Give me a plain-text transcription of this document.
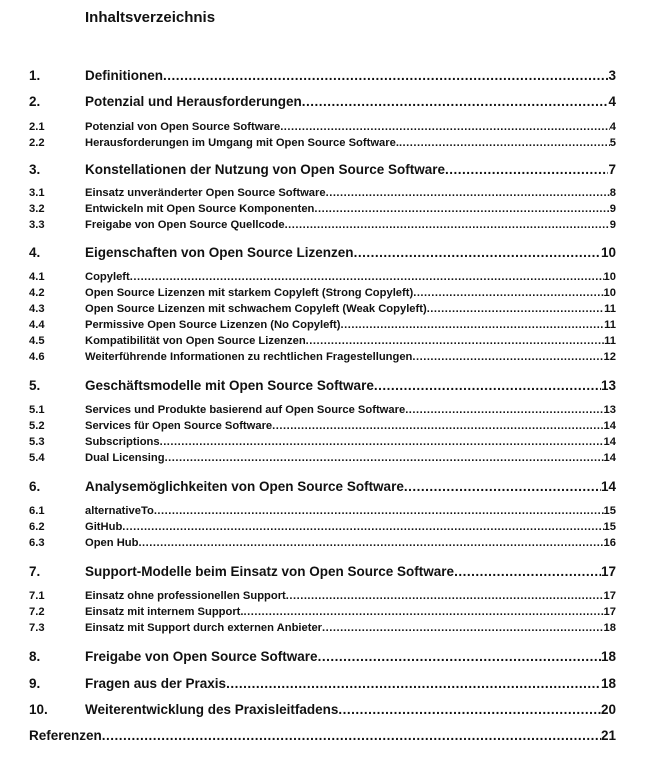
Inhaltsverzeichnis
1.	Definitionen .....	3
2.	Potenzial und Herausforderungen .....	4
2.1	Potenzial von Open Source Software .....	4
2.2	Herausforderungen im Umgang mit Open Source Software. .....	5
3.	Konstellationen der Nutzung von Open Source Software .....	7
3.1	Einsatz unveränderter Open Source Software .....	8
3.2	Entwickeln mit Open Source Komponenten .....	9
3.3	Freigabe von Open Source Quellcode .....	9
4.	Eigenschaften von Open Source Lizenzen .....	10
4.1	Copyleft .....	10
4.2	Open Source Lizenzen mit starkem Copyleft (Strong Copyleft) .....	10
4.3	Open Source Lizenzen mit schwachem Copyleft (Weak Copyleft) .....	11
4.4	Permissive Open Source Lizenzen (No Copyleft) .....	11
4.5	Kompatibilität von Open Source Lizenzen .....	11
4.6	Weiterführende Informationen zu rechtlichen Fragestellungen .....	12
5.	Geschäftsmodelle mit Open Source Software .....	13
5.1	Services und Produkte basierend auf Open Source Software .....	13
5.2	Services für Open Source Software .....	14
5.3	Subscriptions .....	14
5.4	Dual Licensing .....	14
6.	Analysemöglichkeiten von Open Source Software .....	14
6.1	alternativeTo .....	15
6.2	GitHub .....	15
6.3	Open Hub .....	16
7.	Support-Modelle beim Einsatz von Open Source Software .....	17
7.1	Einsatz ohne professionellen Support .....	17
7.2	Einsatz mit internem Support. .....	17
7.3	Einsatz mit Support durch externen Anbieter .....	18
8.	Freigabe von Open Source Software .....	18
9.	Fragen aus der Praxis .....	18
10.	Weiterentwicklung des Praxisleitfadens .....	20
Referenzen .....	21
